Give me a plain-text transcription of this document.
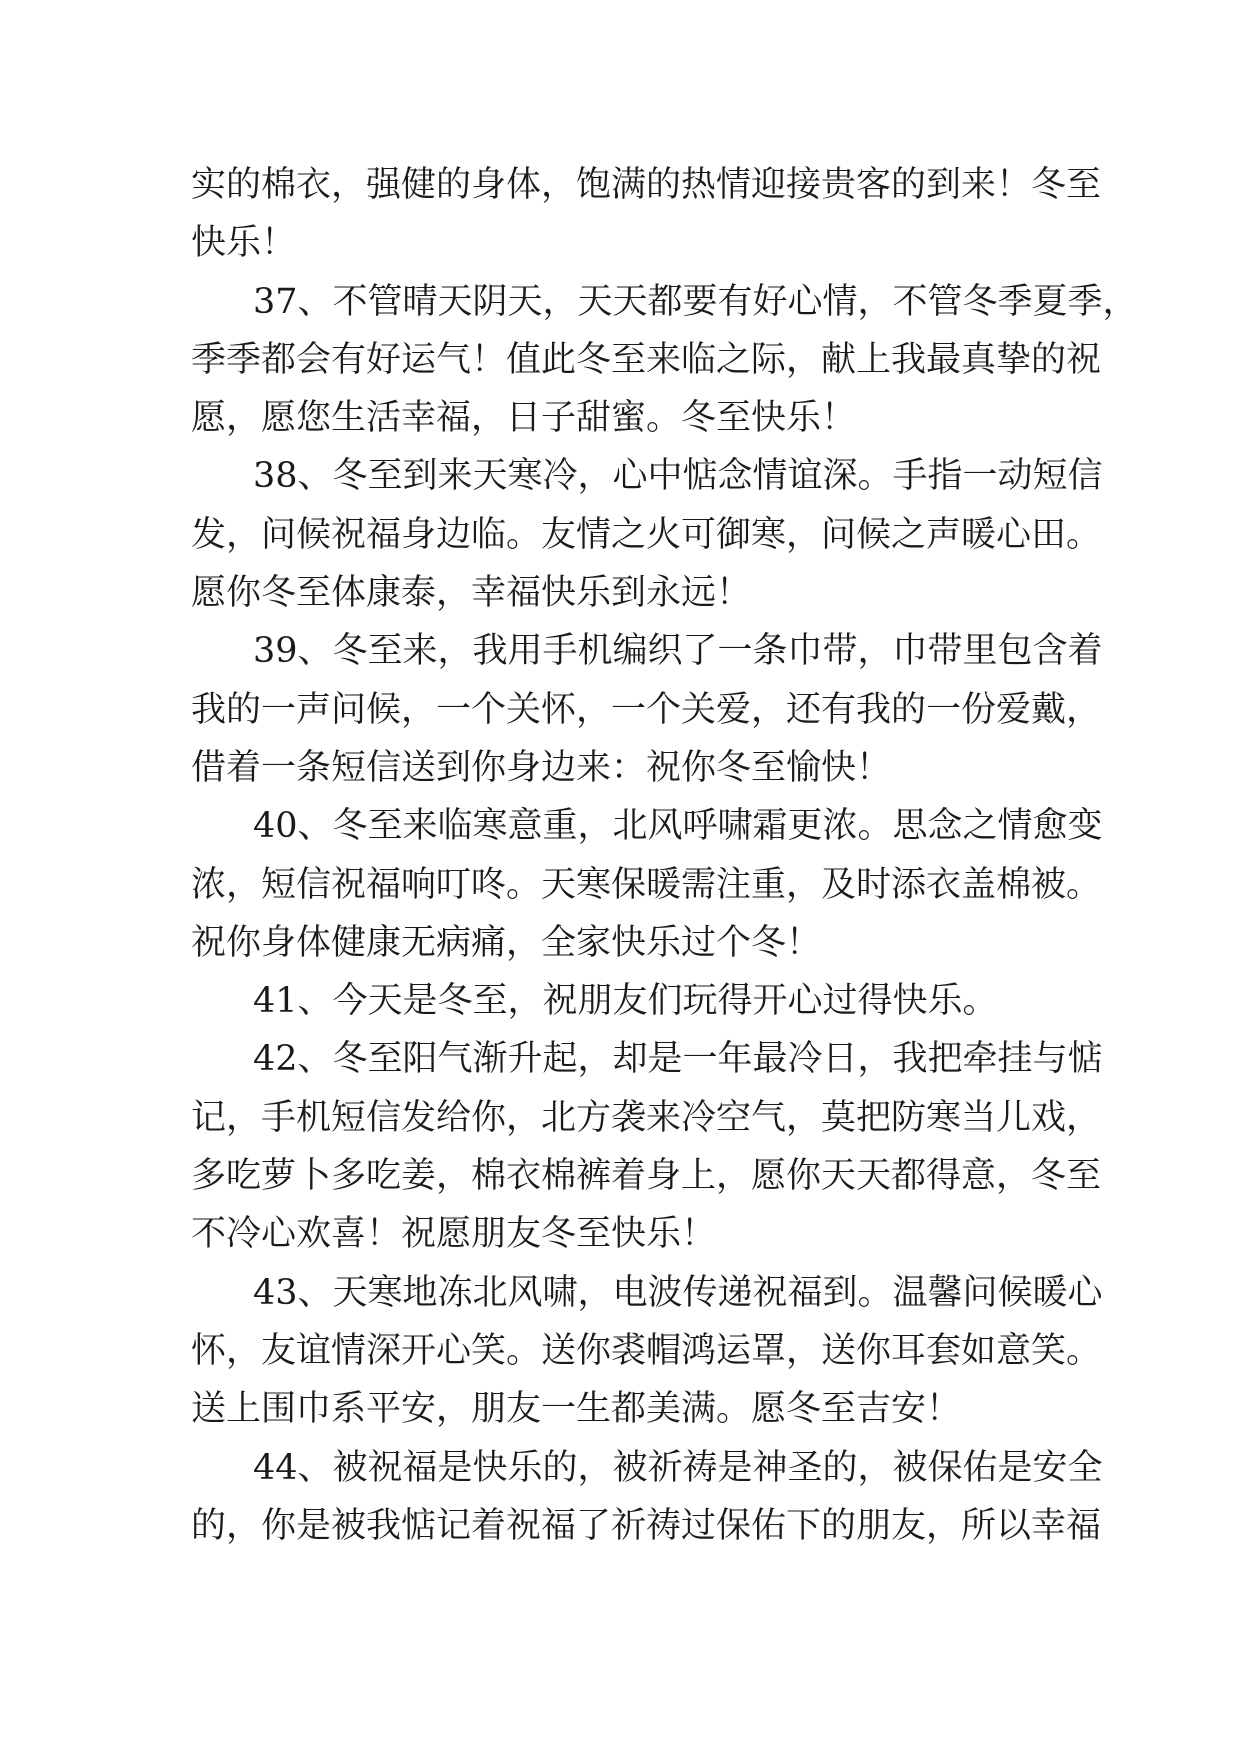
实的棉衣，强健的身体，饱满的热情迎接贵客的到来！冬至
快乐！
37、不管晴天阴天，天天都要有好心情，不管冬季夏季，
季季都会有好运气！值此冬至来临之际，献上我最真挚的祝
愿，愿您生活幸福，日子甜蜜。冬至快乐！
38、冬至到来天寒冷，心中惦念情谊深。手指一动短信
发，问候祝福身边临。友情之火可御寒，问候之声暖心田。
愿你冬至体康泰，幸福快乐到永远！
39、冬至来，我用手机编织了一条巾带，巾带里包含着
我的一声问候，一个关怀，一个关爱，还有我的一份爱戴，
借着一条短信送到你身边来：祝你冬至愉快！
40、冬至来临寒意重，北风呼啸霜更浓。思念之情愈变
浓，短信祝福响叮咚。天寒保暖需注重，及时添衣盖棉被。
祝你身体健康无病痛，全家快乐过个冬！
41、今天是冬至，祝朋友们玩得开心过得快乐。
42、冬至阳气渐升起，却是一年最冷日，我把牵挂与惦
记，手机短信发给你，北方袭来冷空气，莫把防寒当儿戏，
多吃萝卜多吃姜，棉衣棉裤着身上，愿你天天都得意，冬至
不冷心欢喜！祝愿朋友冬至快乐！
43、天寒地冻北风啸，电波传递祝福到。温馨问候暖心
怀，友谊情深开心笑。送你裘帽鸿运罩，送你耳套如意笑。
送上围巾系平安，朋友一生都美满。愿冬至吉安！
44、被祝福是快乐的，被祈祷是神圣的，被保佑是安全
的，你是被我惦记着祝福了祈祷过保佑下的朋友，所以幸福
